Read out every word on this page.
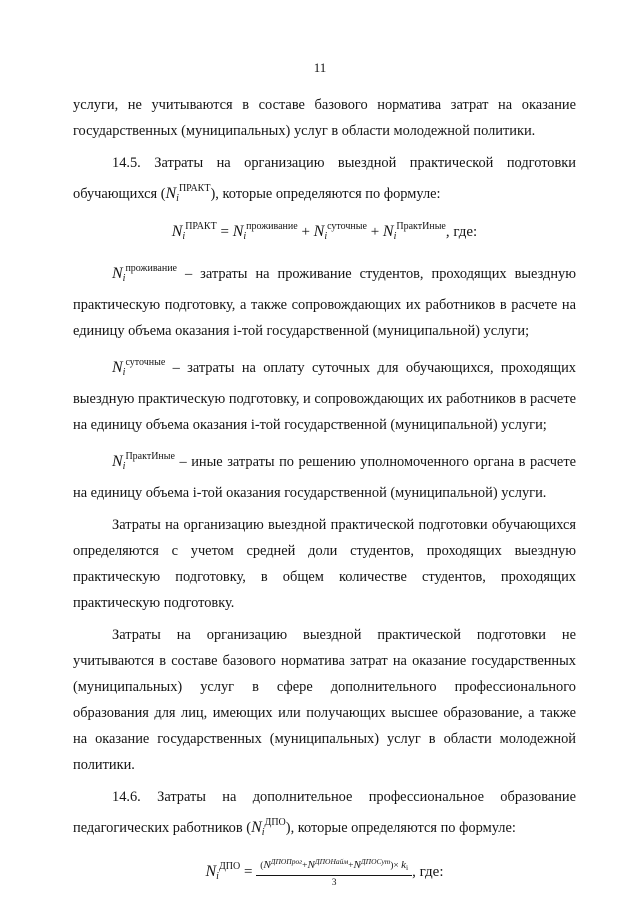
11

услуги, не учитываются в составе базового норматива затрат на оказание государственных (муниципальных) услуг в области молодежной политики.

14.5. Затраты на организацию выездной практической подготовки обучающихся $(N_i^{ПРАКТ})$, которые определяются по формуле:

$N_i^{ПРАКТ} = N_i^{проживание} + N_i^{суточные} + N_i^{ПрактИные}$, где:

$N_i^{проживание}$ – затраты на проживание студентов, проходящих выездную практическую подготовку, а также сопровождающих их работников в расчете на единицу объема оказания i-той государственной (муниципальной) услуги;

$N_i^{суточные}$ – затраты на оплату суточных для обучающихся, проходящих выездную практическую подготовку, и сопровождающих их работников в расчете на единицу объема оказания i-той государственной (муниципальной) услуги;

$N_i^{ПрактИные}$ – иные затраты по решению уполномоченного органа в расчете на единицу объема i-той оказания государственной (муниципальной) услуги.

Затраты на организацию выездной практической подготовки обучающихся определяются с учетом средней доли студентов, проходящих выездную практическую подготовку, в общем количестве студентов, проходящих практическую подготовку.

Затраты на организацию выездной практической подготовки не учитываются в составе базового норматива затрат на оказание государственных (муниципальных) услуг в сфере дополнительного профессионального образования для лиц, имеющих или получающих высшее образование, а также на оказание государственных (муниципальных) услуг в области молодежной политики.

14.6. Затраты на дополнительное профессиональное образование педагогических работников $(N_i^{ДПО})$, которые определяются по формуле:

$N_i^{ДПО} = \frac{(N^{ДПОПрог}+N^{ДПОНайм}+N^{ДПОСут})\times k_i}{3}$ , где:
